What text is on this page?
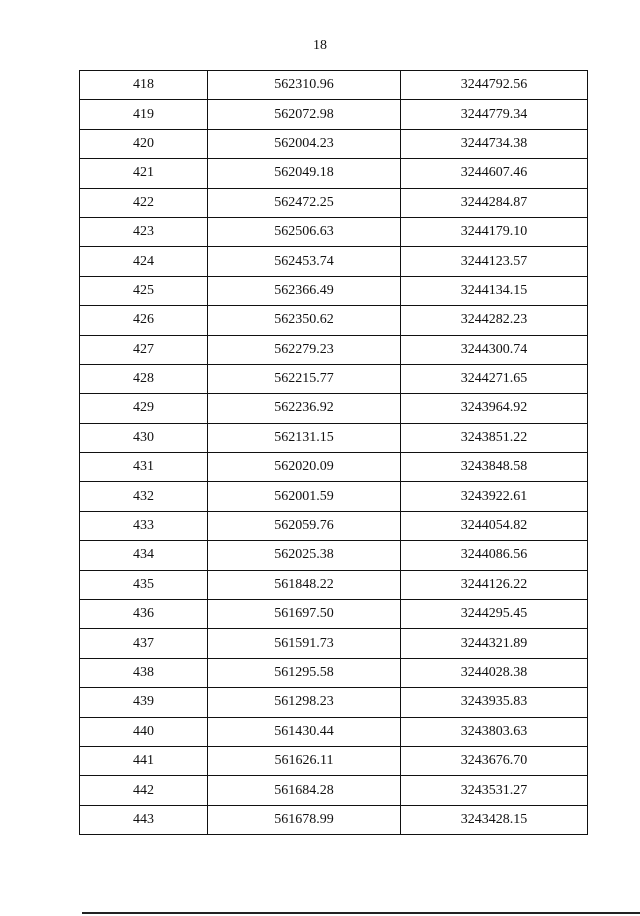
18
418	562310.96	3244792.56
419	562072.98	3244779.34
420	562004.23	3244734.38
421	562049.18	3244607.46
422	562472.25	3244284.87
423	562506.63	3244179.10
424	562453.74	3244123.57
425	562366.49	3244134.15
426	562350.62	3244282.23
427	562279.23	3244300.74
428	562215.77	3244271.65
429	562236.92	3243964.92
430	562131.15	3243851.22
431	562020.09	3243848.58
432	562001.59	3243922.61
433	562059.76	3244054.82
434	562025.38	3244086.56
435	561848.22	3244126.22
436	561697.50	3244295.45
437	561591.73	3244321.89
438	561295.58	3244028.38
439	561298.23	3243935.83
440	561430.44	3243803.63
441	561626.11	3243676.70
442	561684.28	3243531.27
443	561678.99	3243428.15
